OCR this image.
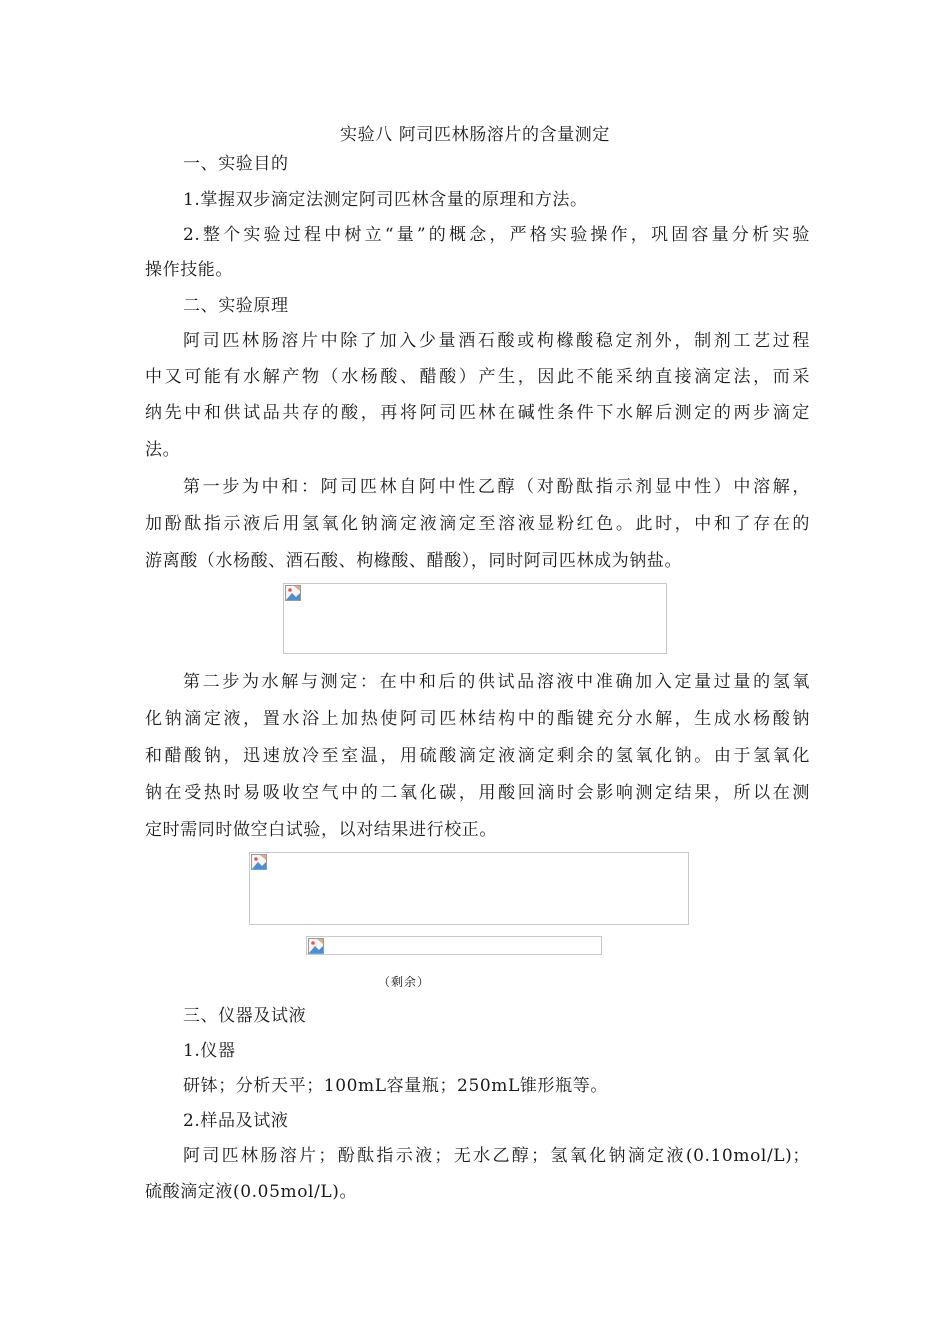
实验八 阿司匹林肠溶片的含量测定
一、实验目的
1.掌握双步滴定法测定阿司匹林含量的原理和方法。
2.整个实验过程中树立“量”的概念，严格实验操作，巩固容量分析实验
操作技能。
二、实验原理
阿司匹林肠溶片中除了加入少量酒石酸或枸橼酸稳定剂外，制剂工艺过程
中又可能有水解产物（水杨酸、醋酸）产生，因此不能采纳直接滴定法，而采
纳先中和供试品共存的酸，再将阿司匹林在碱性条件下水解后测定的两步滴定
法。
第一步为中和：阿司匹林自阿中性乙醇（对酚酞指示剂显中性）中溶解，
加酚酞指示液后用氢氧化钠滴定液滴定至溶液显粉红色。此时，中和了存在的
游离酸（水杨酸、酒石酸、枸橼酸、醋酸），同时阿司匹林成为钠盐。
第二步为水解与测定：在中和后的供试品溶液中准确加入定量过量的氢氧
化钠滴定液，置水浴上加热使阿司匹林结构中的酯键充分水解，生成水杨酸钠
和醋酸钠，迅速放冷至室温，用硫酸滴定液滴定剩余的氢氧化钠。由于氢氧化
钠在受热时易吸收空气中的二氧化碳，用酸回滴时会影响测定结果，所以在测
定时需同时做空白试验，以对结果进行校正。
（剩余）
三、仪器及试液
1.仪器
研钵；分析天平；100mL容量瓶；250mL锥形瓶等。
2.样品及试液
阿司匹林肠溶片；酚酞指示液；无水乙醇；氢氧化钠滴定液(0.10mol/L)；
硫酸滴定液(0.05mol/L)。
